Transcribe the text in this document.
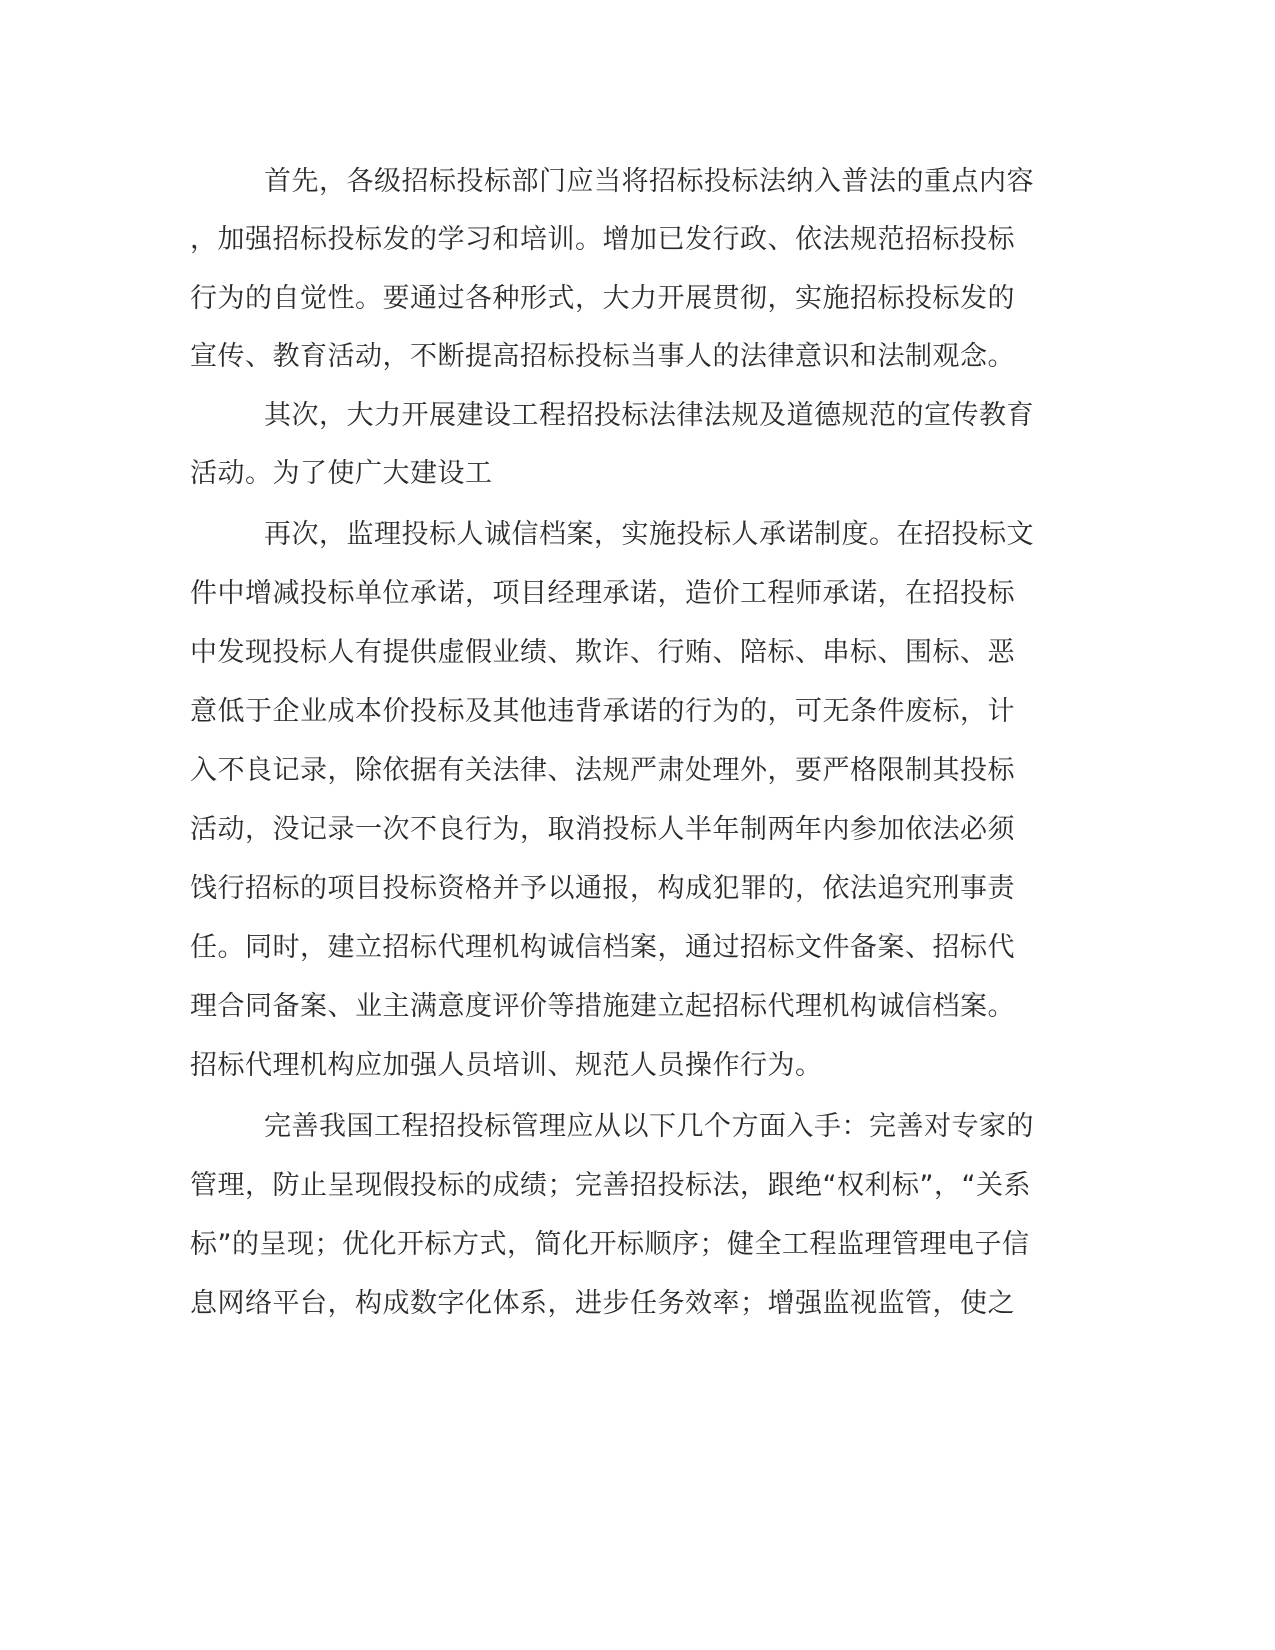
首先，各级招标投标部门应当将招标投标法纳入普法的重点内容
，加强招标投标发的学习和培训。增加已发行政、依法规范招标投标
行为的自觉性。要通过各种形式，大力开展贯彻，实施招标投标发的
宣传、教育活动，不断提高招标投标当事人的法律意识和法制观念。
其次，大力开展建设工程招投标法律法规及道德规范的宣传教育
活动。为了使广大建设工
再次，监理投标人诚信档案，实施投标人承诺制度。在招投标文
件中增减投标单位承诺，项目经理承诺，造价工程师承诺，在招投标
中发现投标人有提供虚假业绩、欺诈、行贿、陪标、串标、围标、恶
意低于企业成本价投标及其他违背承诺的行为的，可无条件废标，计
入不良记录，除依据有关法律、法规严肃处理外，要严格限制其投标
活动，没记录一次不良行为，取消投标人半年制两年内参加依法必须
饯行招标的项目投标资格并予以通报，构成犯罪的，依法追究刑事责
任。同时，建立招标代理机构诚信档案，通过招标文件备案、招标代
理合同备案、业主满意度评价等措施建立起招标代理机构诚信档案。
招标代理机构应加强人员培训、规范人员操作行为。
完善我国工程招投标管理应从以下几个方面入手：完善对专家的
管理，防止呈现假投标的成绩；完善招投标法，跟绝“权利标”，“关系
标”的呈现；优化开标方式，简化开标顺序；健全工程监理管理电子信
息网络平台，构成数字化体系，进步任务效率；增强监视监管，使之
